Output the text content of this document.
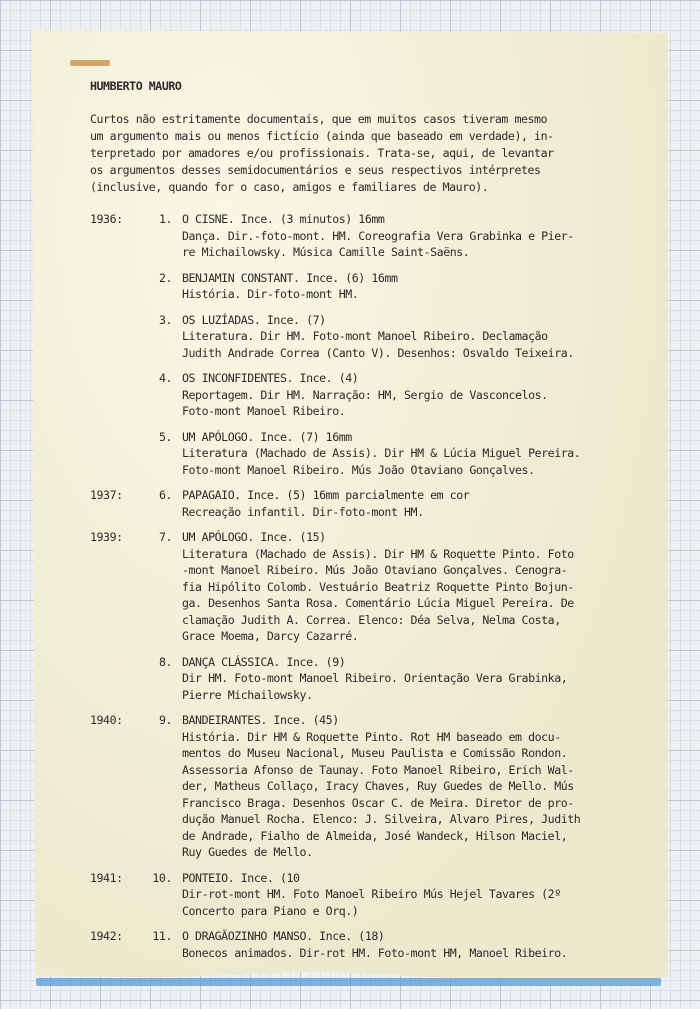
HUMBERTO MAURO
Curtos não estritamente documentais, que em muitos casos tiveram mesmo
um argumento mais ou menos fictício (ainda que baseado em verdade), in-
terpretado por amadores e/ou profissionais. Trata-se, aqui, de levantar
os argumentos desses semidocumentários e seus respectivos intérpretes
(inclusive, quando for o caso, amigos e familiares de Mauro).
1936:	1. O CISNE. Ince. (3 minutos) 16mm
Dança. Dir.-foto-mont. HM. Coreografia Vera Grabinka e Pier-
re Michailowsky. Música Camille Saint-Saëns.
2. BENJAMIN CONSTANT. Ince. (6) 16mm
História. Dir-foto-mont HM.
3. OS LUZÍADAS. Ince. (7)
Literatura. Dir HM. Foto-mont Manoel Ribeiro. Declamação
Judith Andrade Correa (Canto V). Desenhos: Osvaldo Teixeira.
4. OS INCONFIDENTES. Ince. (4)
Reportagem. Dir HM. Narração: HM, Sergio de Vasconcelos.
Foto-mont Manoel Ribeiro.
5. UM APÓLOGO. Ince. (7) 16mm
Literatura (Machado de Assis). Dir HM & Lúcia Miguel Pereira.
Foto-mont Manoel Ribeiro. Mús João Otaviano Gonçalves.
1937:	6. PAPAGAIO. Ince. (5) 16mm parcialmente em cor
Recreação infantil. Dir-foto-mont HM.
1939:	7. UM APÓLOGO. Ince. (15)
Literatura (Machado de Assis). Dir HM & Roquette Pinto. Foto
-mont Manoel Ribeiro. Mús João Otaviano Gonçalves. Cenogra-
fia Hipólito Colomb. Vestuário Beatriz Roquette Pinto Bojun-
ga. Desenhos Santa Rosa. Comentário Lúcia Miguel Pereira. De
clamação Judith A. Correa. Elenco: Déa Selva, Nelma Costa,
Grace Moema, Darcy Cazarré.
8. DANÇA CLÁSSICA. Ince. (9)
Dir HM. Foto-mont Manoel Ribeiro. Orientação Vera Grabinka,
Pierre Michailowsky.
1940:	9. BANDEIRANTES. Ince. (45)
História. Dir HM & Roquette Pinto. Rot HM baseado em docu-
mentos do Museu Nacional, Museu Paulista e Comissão Rondon.
Assessoria Afonso de Taunay. Foto Manoel Ribeiro, Erich Wal-
der, Matheus Collaço, Iracy Chaves, Ruy Guedes de Mello. Mús
Francisco Braga. Desenhos Oscar C. de Meira. Diretor de pro-
dução Manuel Rocha. Elenco: J. Silveira, Alvaro Pires, Judith
de Andrade, Fialho de Almeida, José Wandeck, Hilson Maciel,
Ruy Guedes de Mello.
1941:	10. PONTEIO. Ince. (10
Dir-rot-mont HM. Foto Manoel Ribeiro Mús Hejel Tavares (2º
Concerto para Piano e Orq.)
1942:	11. O DRAGÃOZINHO MANSO. Ince. (18)
Bonecos animados. Dir-rot HM. Foto-mont HM, Manoel Ribeiro.
